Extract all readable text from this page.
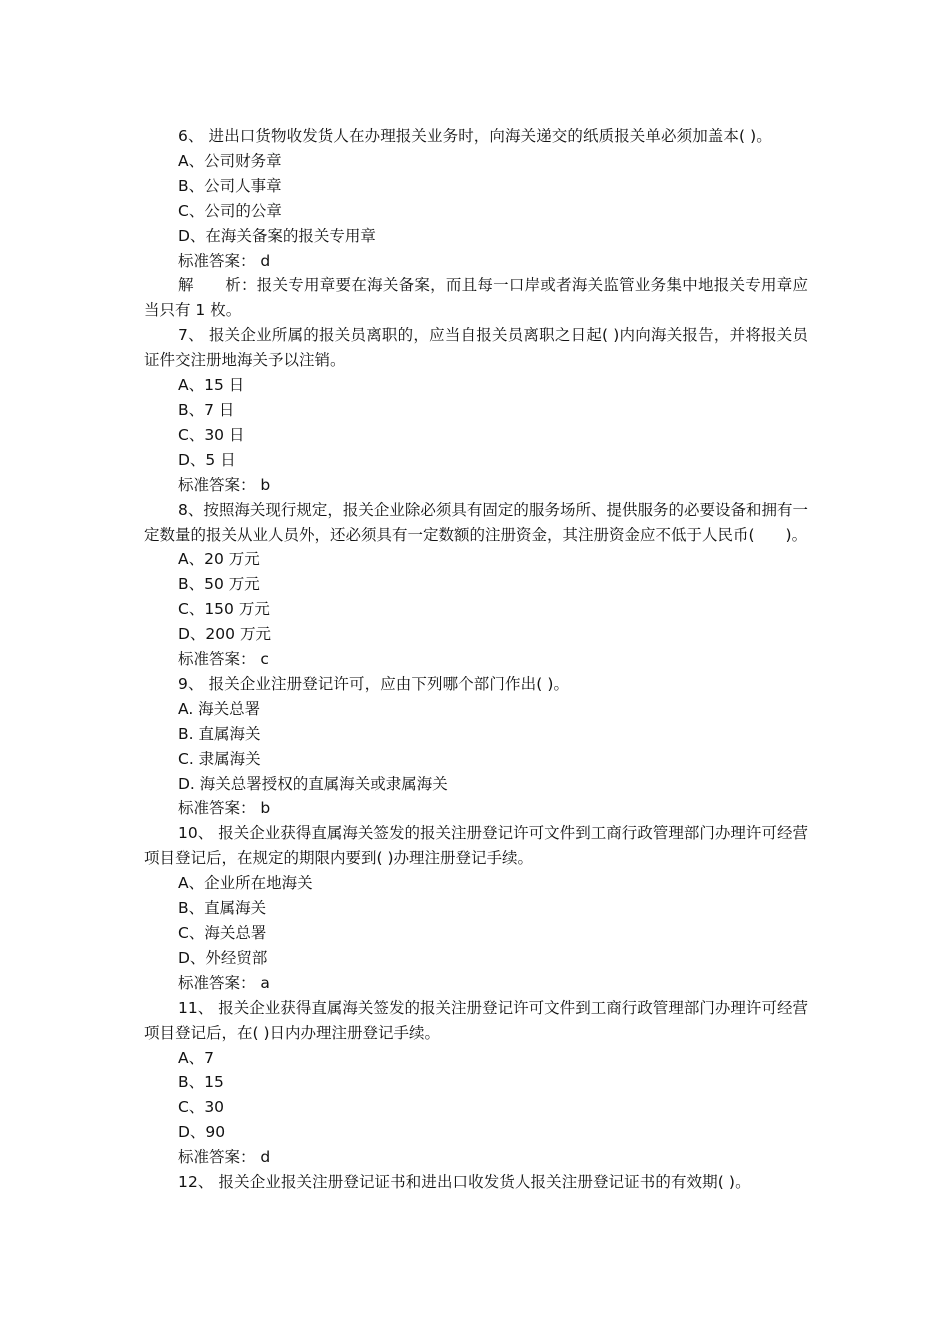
6、 进出口货物收发货人在办理报关业务时，向海关递交的纸质报关单必须加盖本( )。
A、公司财务章
B、公司人事章
C、公司的公章
D、在海关备案的报关专用章
标准答案： d
解　　析：报关专用章要在海关备案，而且每一口岸或者海关监管业务集中地报关专用章应当只有 1 枚。
7、 报关企业所属的报关员离职的，应当自报关员离职之日起( )内向海关报告，并将报关员证件交注册地海关予以注销。
A、15 日
B、7 日
C、30 日
D、5 日
标准答案： b
8、按照海关现行规定，报关企业除必须具有固定的服务场所、提供服务的必要设备和拥有一定数量的报关从业人员外，还必须具有一定数额的注册资金，其注册资金应不低于人民币(　　)。
A、20 万元
B、50 万元
C、150 万元
D、200 万元
标准答案： c
9、 报关企业注册登记许可，应由下列哪个部门作出( )。
A. 海关总署
B. 直属海关
C. 隶属海关
D. 海关总署授权的直属海关或隶属海关
标准答案： b
10、 报关企业获得直属海关签发的报关注册登记许可文件到工商行政管理部门办理许可经营项目登记后，在规定的期限内要到( )办理注册登记手续。
A、企业所在地海关
B、直属海关
C、海关总署
D、外经贸部
标准答案： a
11、 报关企业获得直属海关签发的报关注册登记许可文件到工商行政管理部门办理许可经营项目登记后，在( )日内办理注册登记手续。
A、7
B、15
C、30
D、90
标准答案： d
12、 报关企业报关注册登记证书和进出口收发货人报关注册登记证书的有效期( )。
